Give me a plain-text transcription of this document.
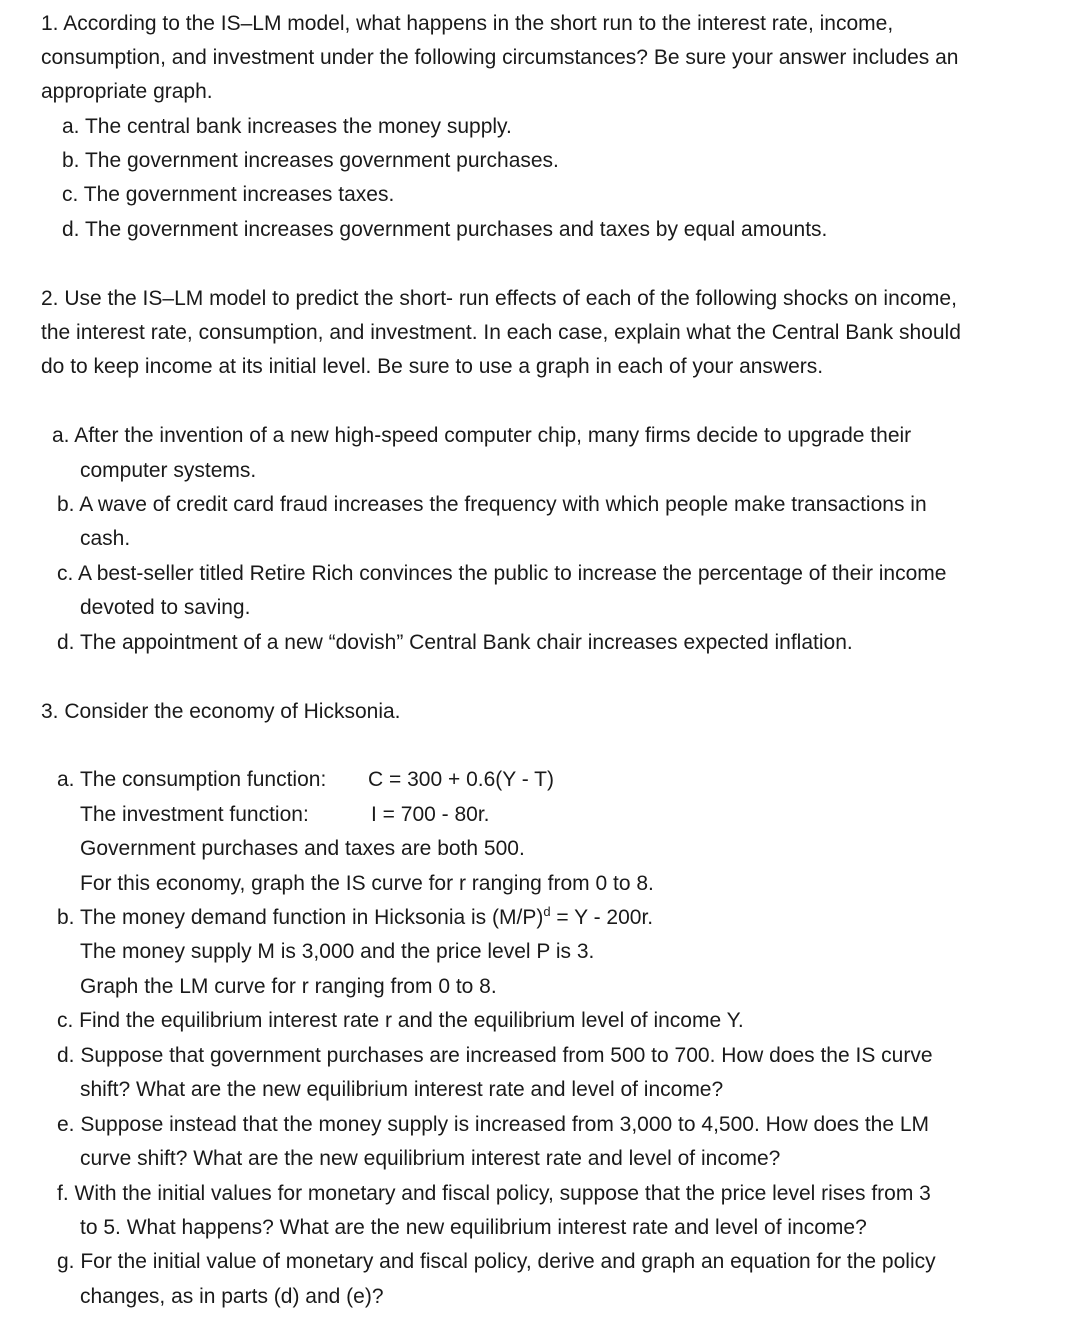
1. According to the IS–LM model, what happens in the short run to the interest rate, income,
consumption, and investment under the following circumstances? Be sure your answer includes an
appropriate graph.
a. The central bank increases the money supply.
b. The government increases government purchases.
c. The government increases taxes.
d. The government increases government purchases and taxes by equal amounts.
2. Use the IS–LM model to predict the short- run effects of each of the following shocks on income,
the interest rate, consumption, and investment. In each case, explain what the Central Bank should
do to keep income at its initial level. Be sure to use a graph in each of your answers.
a. After the invention of a new high-speed computer chip, many firms decide to upgrade their
computer systems.
b. A wave of credit card fraud increases the frequency with which people make transactions in
cash.
c. A best-seller titled Retire Rich convinces the public to increase the percentage of their income
devoted to saving.
d. The appointment of a new “dovish” Central Bank chair increases expected inflation.
3. Consider the economy of Hicksonia.
a. The consumption function: C = 300 + 0.6(Y - T)
The investment function:	I = 700 - 80r.
Government purchases and taxes are both 500.
For this economy, graph the IS curve for r ranging from 0 to 8.
b. The money demand function in Hicksonia is $(M/P)^d = Y - 200r$.
The money supply M is 3,000 and the price level P is 3.
Graph the LM curve for r ranging from 0 to 8.
c. Find the equilibrium interest rate r and the equilibrium level of income Y.
d. Suppose that government purchases are increased from 500 to 700. How does the IS curve
shift? What are the new equilibrium interest rate and level of income?
e. Suppose instead that the money supply is increased from 3,000 to 4,500. How does the LM
curve shift? What are the new equilibrium interest rate and level of income?
f. With the initial values for monetary and fiscal policy, suppose that the price level rises from 3
to 5. What happens? What are the new equilibrium interest rate and level of income?
g. For the initial value of monetary and fiscal policy, derive and graph an equation for the policy
changes, as in parts (d) and (e)?
